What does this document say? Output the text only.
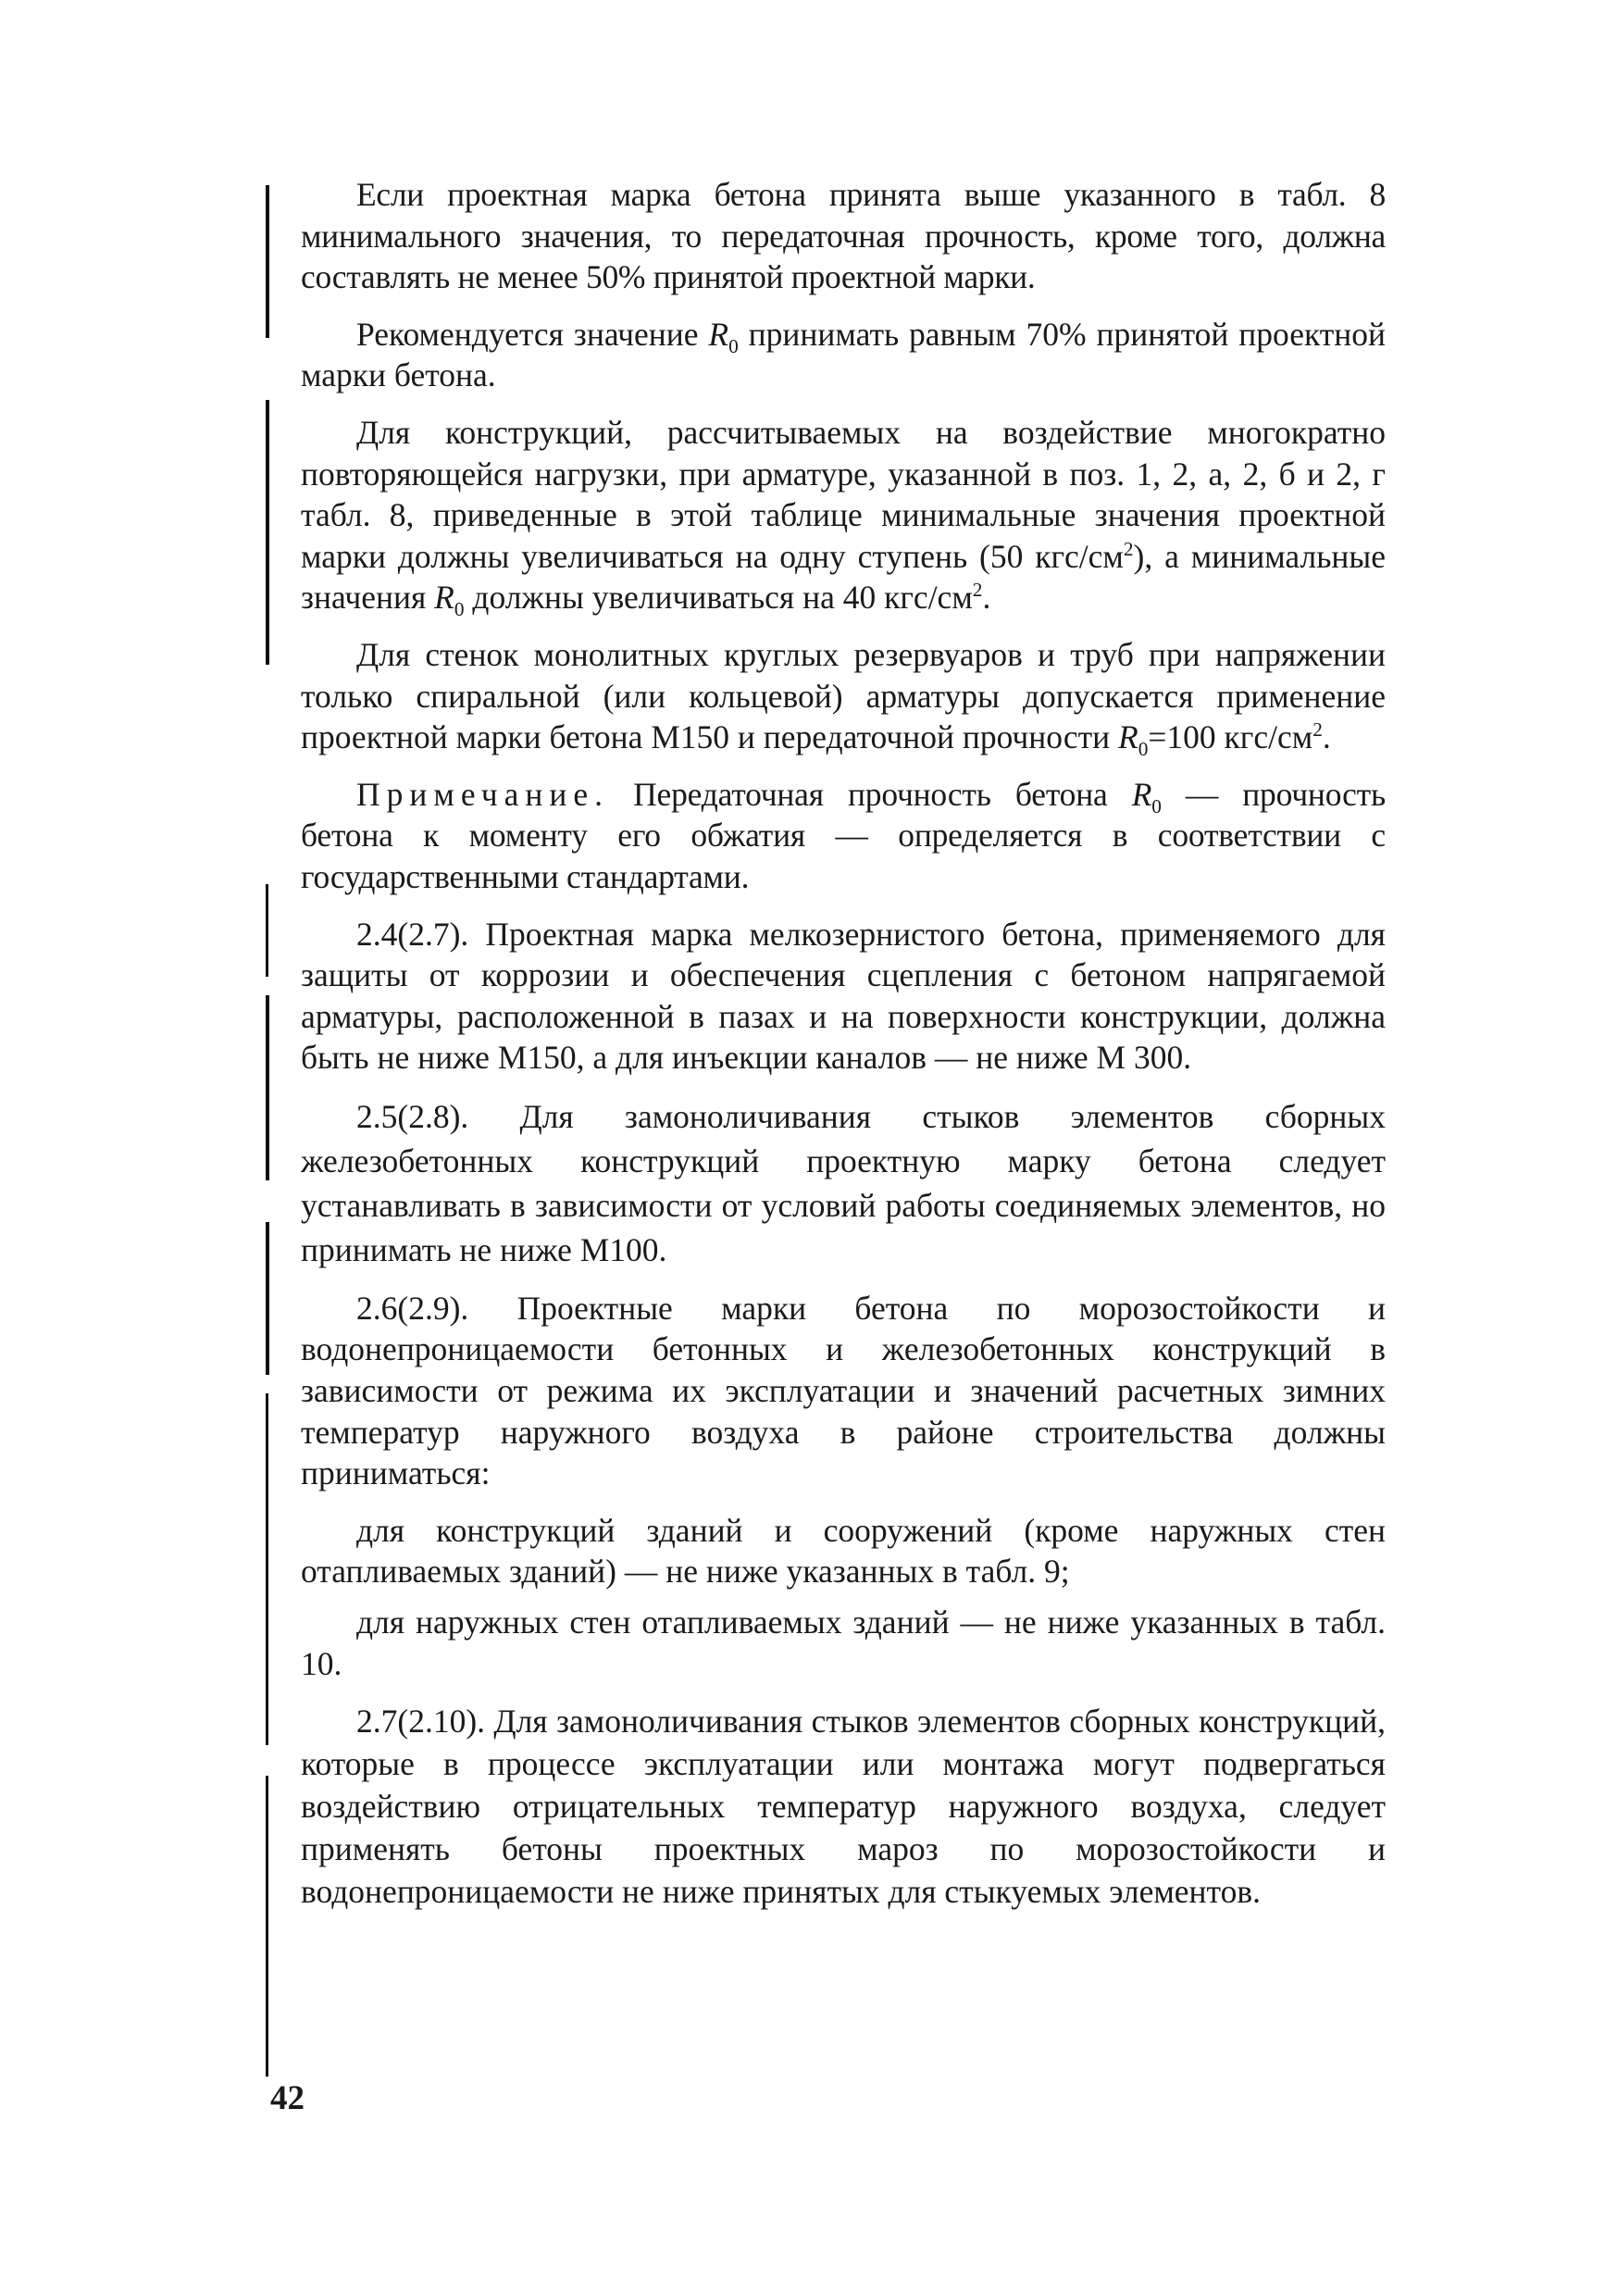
Если проектная марка бетона принята выше указанного в табл. 8 минимального значения, то передаточная прочность, кроме того, должна составлять не менее 50% принятой проектной марки.

Рекомендуется значение $R_0$ принимать равным 70% принятой проектной марки бетона.

Для конструкций, рассчитываемых на воздействие многократно повторяющейся нагрузки, при арматуре, указанной в поз. 1, 2, а, 2, б и 2, г табл. 8, приведенные в этой таблице минимальные значения проектной марки должны увеличиваться на одну ступень (50 кгс/$см^2$), а минимальные значения $R_0$ должны увеличиваться на 40 кгс/$см^2$.

Для стенок монолитных круглых резервуаров и труб при напряжении только спиральной (или кольцевой) арматуры допускается применение проектной марки бетона М150 и передаточной прочности $R_0=100$ кгс/$см^2$.

Примечание. Передаточная прочность бетона $R_0$ — прочность бетона к моменту его обжатия — определяется в соответствии с государственными стандартами.

2.4(2.7). Проектная марка мелкозернистого бетона, применяемого для защиты от коррозии и обеспечения сцепления с бетоном напрягаемой арматуры, расположенной в пазах и на поверхности конструкции, должна быть не ниже М150, а для инъекции каналов — не ниже М 300.

2.5(2.8). Для замоноличивания стыков элементов сборных железобетонных конструкций проектную марку бетона следует устанавливать в зависимости от условий работы соединяемых элементов, но принимать не ниже М100.

2.6(2.9). Проектные марки бетона по морозостойкости и водонепроницаемости бетонных и железобетонных конструкций в зависимости от режима их эксплуатации и значений расчетных зимних температур наружного воздуха в районе строительства должны приниматься:

для конструкций зданий и сооружений (кроме наружных стен отапливаемых зданий) — не ниже указанных в табл. 9;

для наружных стен отапливаемых зданий — не ниже указанных в табл. 10.

2.7(2.10). Для замоноличивания стыков элементов сборных конструкций, которые в процессе эксплуатации или монтажа могут подвергаться воздействию отрицательных температур наружного воздуха, следует применять бетоны проектных мароз по морозостойкости и водонепроницаемости не ниже принятых для стыкуемых элементов.

42
